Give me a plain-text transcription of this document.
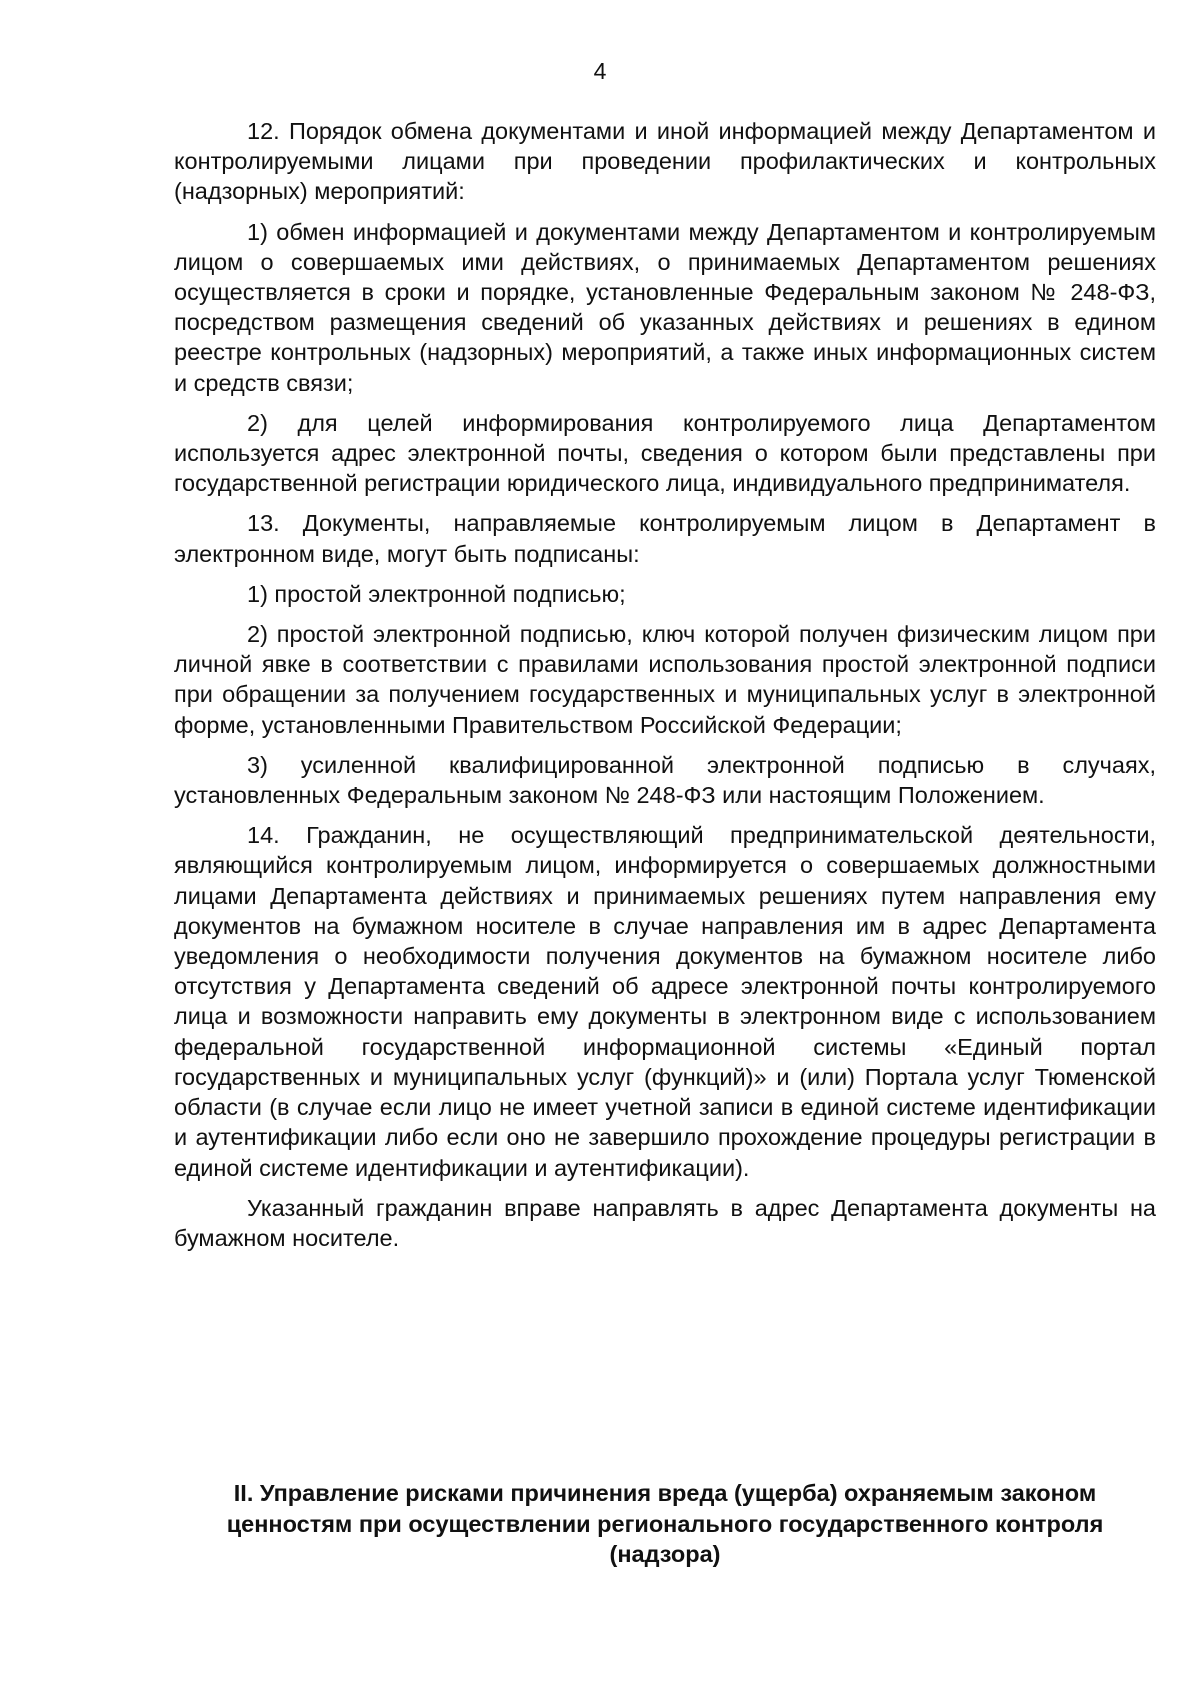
4

12. Порядок обмена документами и иной информацией между Департаментом и контролируемыми лицами при проведении профилактических и контрольных (надзорных) мероприятий:

1) обмен информацией и документами между Департаментом и контролируемым лицом о совершаемых ими действиях, о принимаемых Департаментом решениях осуществляется в сроки и порядке, установленные Федеральным законом № 248-ФЗ, посредством размещения сведений об указанных действиях и решениях в едином реестре контрольных (надзорных) мероприятий, а также иных информационных систем и средств связи;

2) для целей информирования контролируемого лица Департаментом используется адрес электронной почты, сведения о котором были представлены при государственной регистрации юридического лица, индивидуального предпринимателя.

13. Документы, направляемые контролируемым лицом в Департамент в электронном виде, могут быть подписаны:

1) простой электронной подписью;

2) простой электронной подписью, ключ которой получен физическим лицом при личной явке в соответствии с правилами использования простой электронной подписи при обращении за получением государственных и муниципальных услуг в электронной форме, установленными Правительством Российской Федерации;

3) усиленной квалифицированной электронной подписью в случаях, установленных Федеральным законом № 248-ФЗ или настоящим Положением.

14. Гражданин, не осуществляющий предпринимательской деятельности, являющийся контролируемым лицом, информируется о совершаемых должностными лицами Департамента действиях и принимаемых решениях путем направления ему документов на бумажном носителе в случае направления им в адрес Департамента уведомления о необходимости получения документов на бумажном носителе либо отсутствия у Департамента сведений об адресе электронной почты контролируемого лица и возможности направить ему документы в электронном виде с использованием федеральной государственной информационной системы «Единый портал государственных и муниципальных услуг (функций)» и (или) Портала услуг Тюменской области (в случае если лицо не имеет учетной записи в единой системе идентификации и аутентификации либо если оно не завершило прохождение процедуры регистрации в единой системе идентификации и аутентификации).

Указанный гражданин вправе направлять в адрес Департамента документы на бумажном носителе.

II. Управление рисками причинения вреда (ущерба) охраняемым законом ценностям при осуществлении регионального государственного контроля (надзора)
